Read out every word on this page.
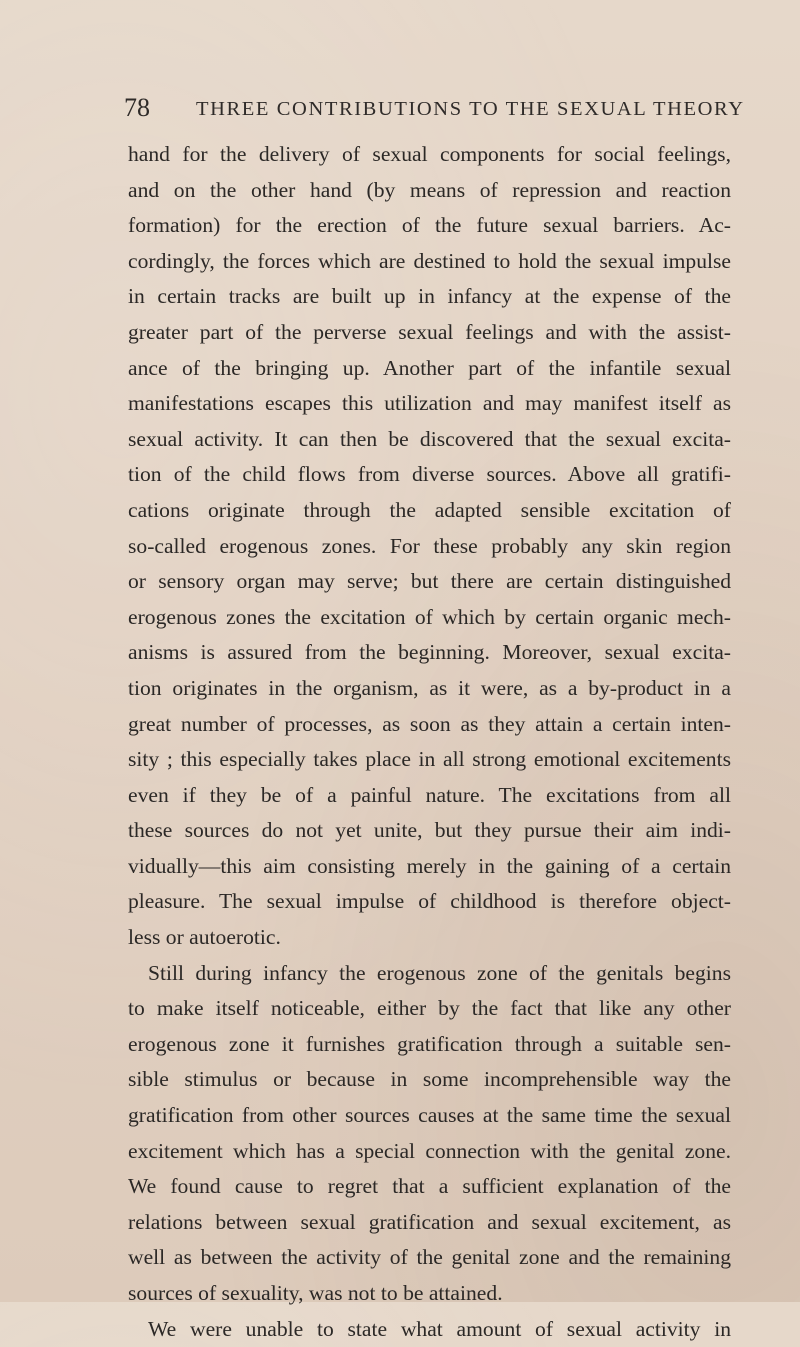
78 THREE CONTRIBUTIONS TO THE SEXUAL THEORY
hand for the delivery of sexual components for social feelings,
and on the other hand (by means of repression and reaction
formation) for the erection of the future sexual barriers. Ac-
cordingly, the forces which are destined to hold the sexual impulse
in certain tracks are built up in infancy at the expense of the
greater part of the perverse sexual feelings and with the assist-
ance of the bringing up. Another part of the infantile sexual
manifestations escapes this utilization and may manifest itself as
sexual activity. It can then be discovered that the sexual excita-
tion of the child flows from diverse sources. Above all gratifi-
cations originate through the adapted sensible excitation of
so-called erogenous zones. For these probably any skin region
or sensory organ may serve; but there are certain distinguished
erogenous zones the excitation of which by certain organic mech-
anisms is assured from the beginning. Moreover, sexual excita-
tion originates in the organism, as it were, as a by-product in a
great number of processes, as soon as they attain a certain inten-
sity ; this especially takes place in all strong emotional excitements
even if they be of a painful nature. The excitations from all
these sources do not yet unite, but they pursue their aim indi-
vidually—this aim consisting merely in the gaining of a certain
pleasure. The sexual impulse of childhood is therefore object-
less or autoerotic.
Still during infancy the erogenous zone of the genitals begins
to make itself noticeable, either by the fact that like any other
erogenous zone it furnishes gratification through a suitable sen-
sible stimulus or because in some incomprehensible way the
gratification from other sources causes at the same time the sexual
excitement which has a special connection with the genital zone.
We found cause to regret that a sufficient explanation of the
relations between sexual gratification and sexual excitement, as
well as between the activity of the genital zone and the remaining
sources of sexuality, was not to be attained.
We were unable to state what amount of sexual activity in
